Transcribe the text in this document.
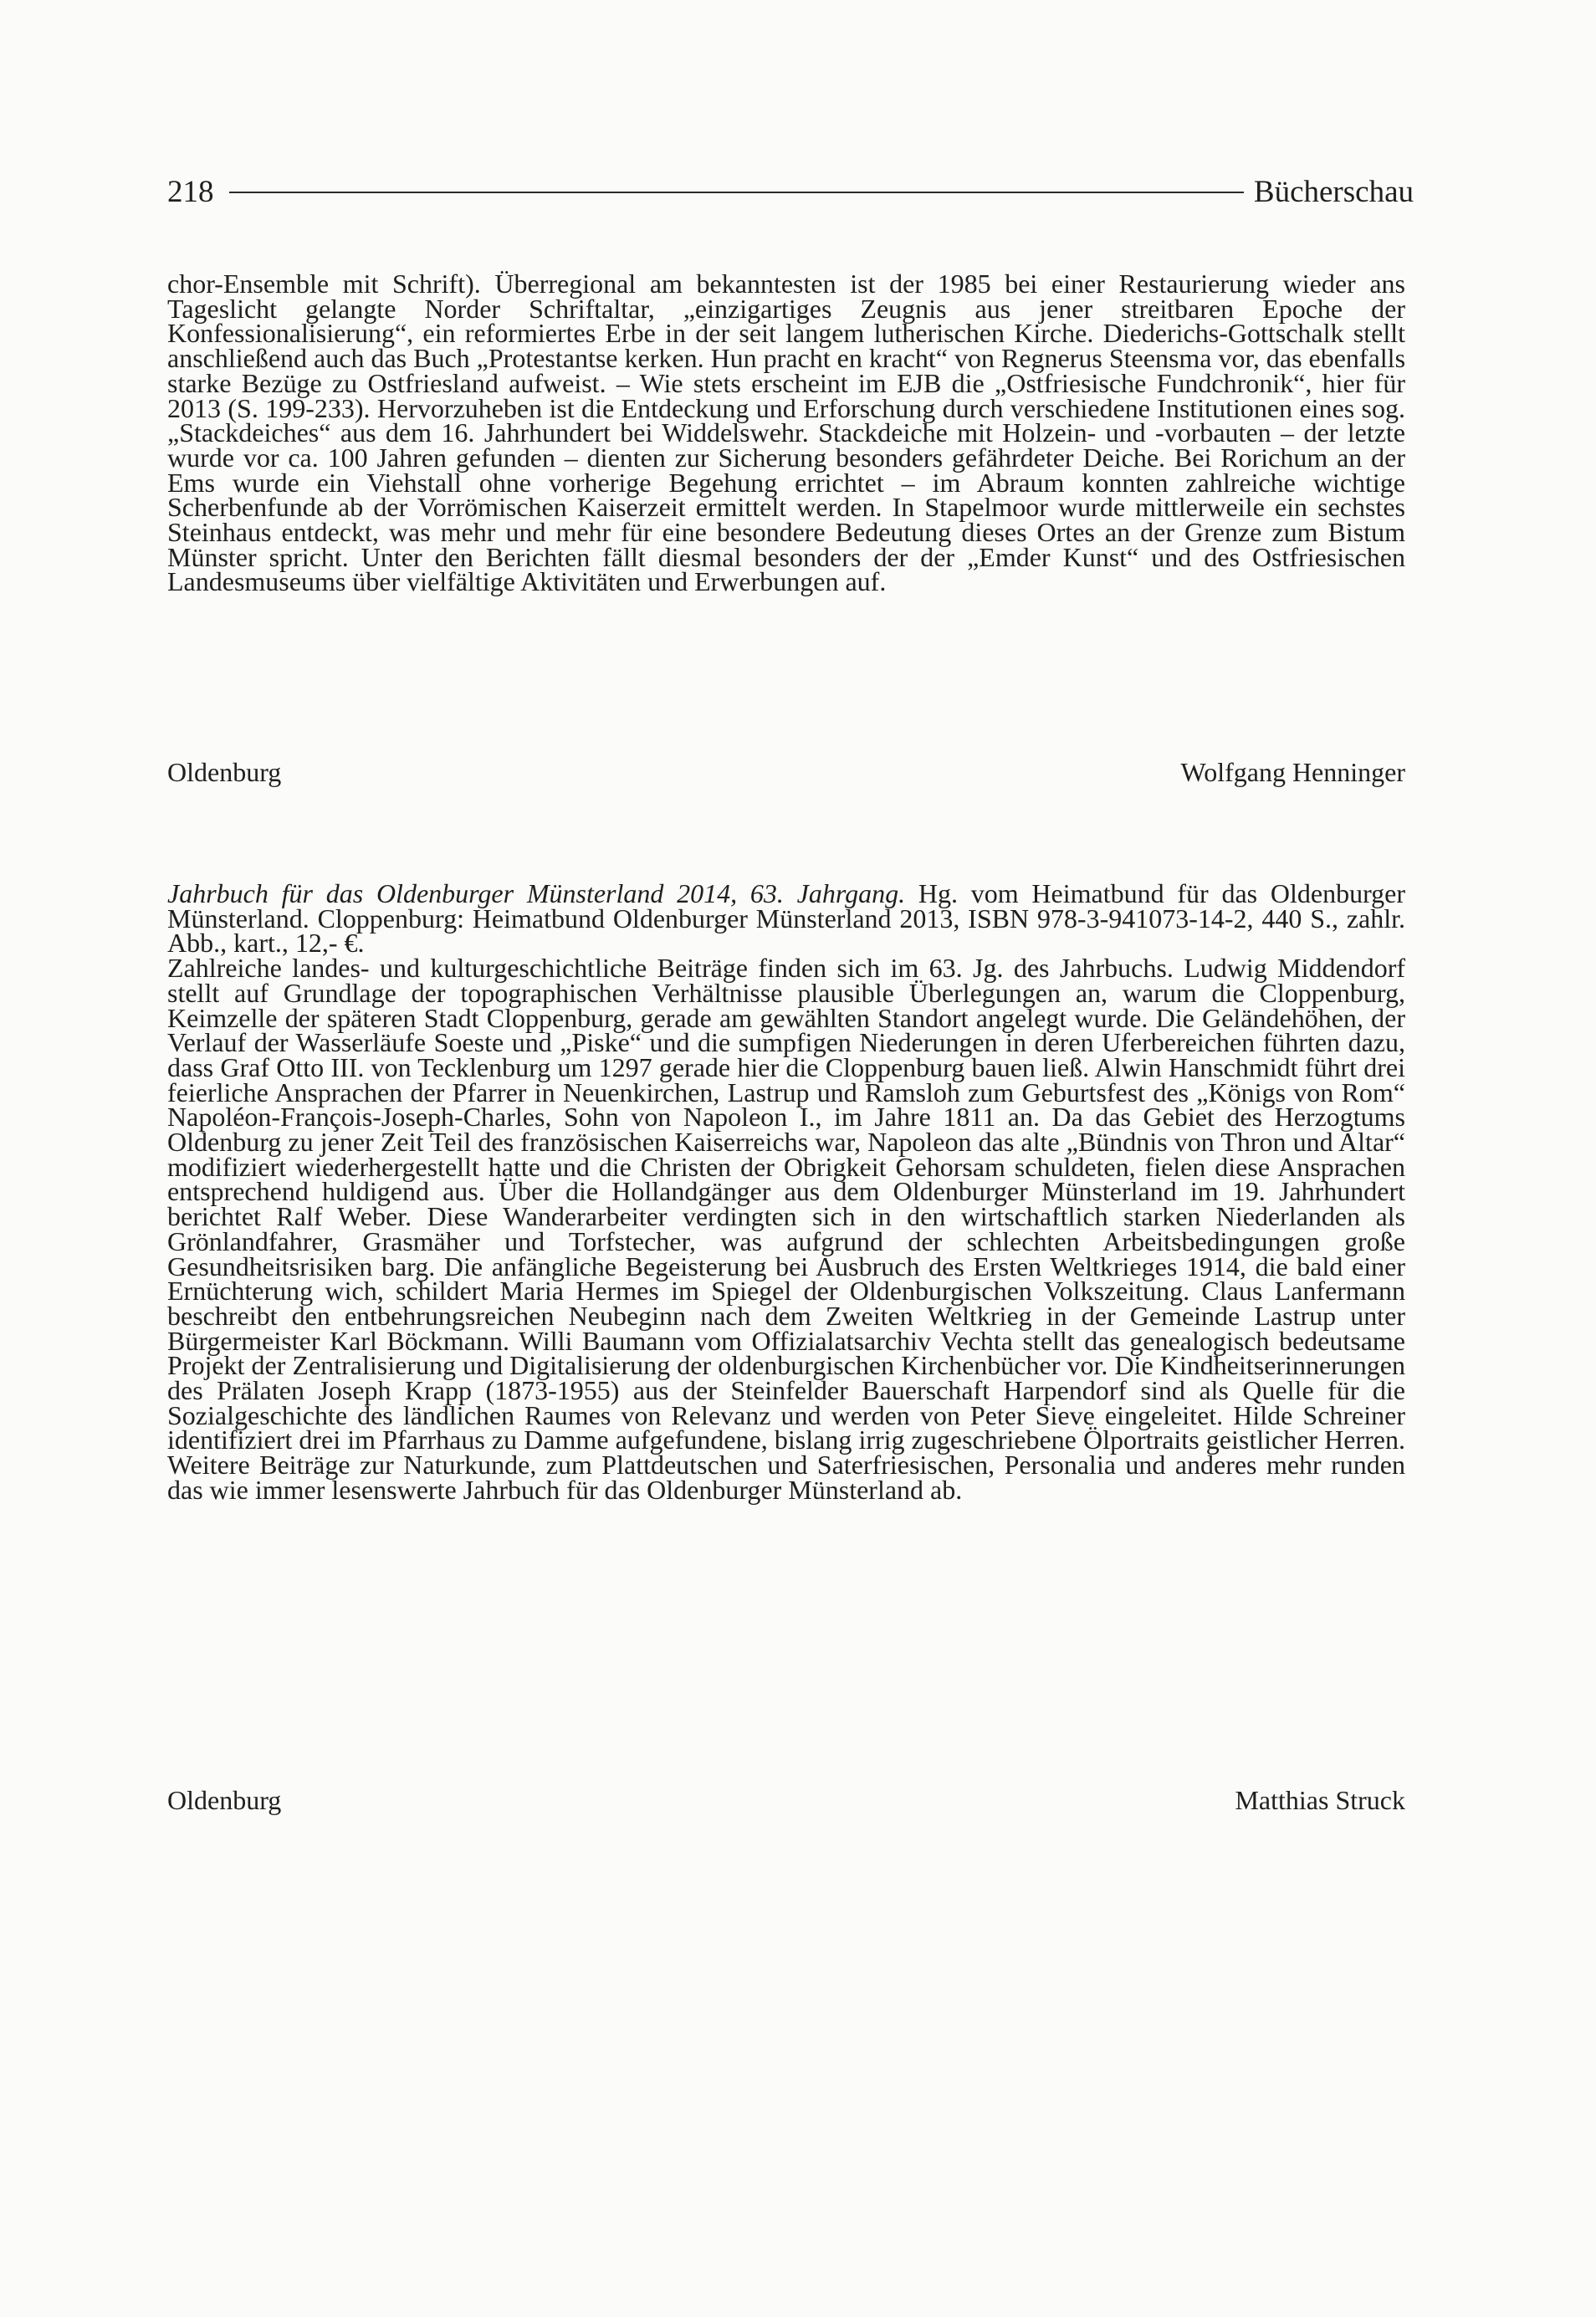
218	Bücherschau

chor-Ensemble mit Schrift). Überregional am bekanntesten ist der 1985 bei einer Restaurierung wieder ans Tageslicht gelangte Norder Schriftaltar, „einzigartiges Zeugnis aus jener streitbaren Epoche der Konfessionalisierung“, ein reformiertes Erbe in der seit langem lutherischen Kirche. Diederichs-Gottschalk stellt anschließend auch das Buch „Protestantse kerken. Hun pracht en kracht“ von Regnerus Steensma vor, das ebenfalls starke Bezüge zu Ostfriesland aufweist. – Wie stets erscheint im EJB die „Ostfriesische Fundchronik“, hier für 2013 (S. 199-233). Hervorzuheben ist die Entdeckung und Erforschung durch verschiedene Institutionen eines sog. „Stackdeiches“ aus dem 16. Jahrhundert bei Widdelswehr. Stackdeiche mit Holzein- und -vorbauten – der letzte wurde vor ca. 100 Jahren gefunden – dienten zur Sicherung besonders gefährdeter Deiche. Bei Rorichum an der Ems wurde ein Viehstall ohne vorherige Begehung errichtet – im Abraum konnten zahlreiche wichtige Scherbenfunde ab der Vorrömischen Kaiserzeit ermittelt werden. In Stapelmoor wurde mittlerweile ein sechstes Steinhaus entdeckt, was mehr und mehr für eine besondere Bedeutung dieses Ortes an der Grenze zum Bistum Münster spricht. Unter den Berichten fällt diesmal besonders der der „Emder Kunst“ und des Ostfriesischen Landesmuseums über vielfältige Aktivitäten und Erwerbungen auf.

Oldenburg	Wolfgang Henninger

Jahrbuch für das Oldenburger Münsterland 2014, 63. Jahrgang. Hg. vom Heimatbund für das Oldenburger Münsterland. Cloppenburg: Heimatbund Oldenburger Münsterland 2013, ISBN 978-3-941073-14-2, 440 S., zahlr. Abb., kart., 12,- €.

Zahlreiche landes- und kulturgeschichtliche Beiträge finden sich im 63. Jg. des Jahrbuchs. Ludwig Middendorf stellt auf Grundlage der topographischen Verhältnisse plausible Überlegungen an, warum die Cloppenburg, Keimzelle der späteren Stadt Cloppenburg, gerade am gewählten Standort angelegt wurde. Die Geländehöhen, der Verlauf der Wasserläufe Soeste und „Piske“ und die sumpfigen Niederungen in deren Uferbereichen führten dazu, dass Graf Otto III. von Tecklenburg um 1297 gerade hier die Cloppenburg bauen ließ. Alwin Hanschmidt führt drei feierliche Ansprachen der Pfarrer in Neuenkirchen, Lastrup und Ramsloh zum Geburtsfest des „Königs von Rom“ Napoléon-François-Joseph-Charles, Sohn von Napoleon I., im Jahre 1811 an. Da das Gebiet des Herzogtums Oldenburg zu jener Zeit Teil des französischen Kaiserreichs war, Napoleon das alte „Bündnis von Thron und Altar“ modifiziert wiederhergestellt hatte und die Christen der Obrigkeit Gehorsam schuldeten, fielen diese Ansprachen entsprechend huldigend aus. Über die Hollandgänger aus dem Oldenburger Münsterland im 19. Jahrhundert berichtet Ralf Weber. Diese Wanderarbeiter verdingten sich in den wirtschaftlich starken Niederlanden als Grönlandfahrer, Grasmäher und Torfstecher, was aufgrund der schlechten Arbeitsbedingungen große Gesundheitsrisiken barg. Die anfängliche Begeisterung bei Ausbruch des Ersten Weltkrieges 1914, die bald einer Ernüchterung wich, schildert Maria Hermes im Spiegel der Oldenburgischen Volkszeitung. Claus Lanfermann beschreibt den entbehrungsreichen Neubeginn nach dem Zweiten Weltkrieg in der Gemeinde Lastrup unter Bürgermeister Karl Böckmann. Willi Baumann vom Offizialatsarchiv Vechta stellt das genealogisch bedeutsame Projekt der Zentralisierung und Digitalisierung der oldenburgischen Kirchenbücher vor. Die Kindheitserinnerungen des Prälaten Joseph Krapp (1873-1955) aus der Steinfelder Bauerschaft Harpendorf sind als Quelle für die Sozialgeschichte des ländlichen Raumes von Relevanz und werden von Peter Sieve eingeleitet. Hilde Schreiner identifiziert drei im Pfarrhaus zu Damme aufgefundene, bislang irrig zugeschriebene Ölportraits geistlicher Herren. Weitere Beiträge zur Naturkunde, zum Plattdeutschen und Saterfriesischen, Personalia und anderes mehr runden das wie immer lesenswerte Jahrbuch für das Oldenburger Münsterland ab.

Oldenburg	Matthias Struck
